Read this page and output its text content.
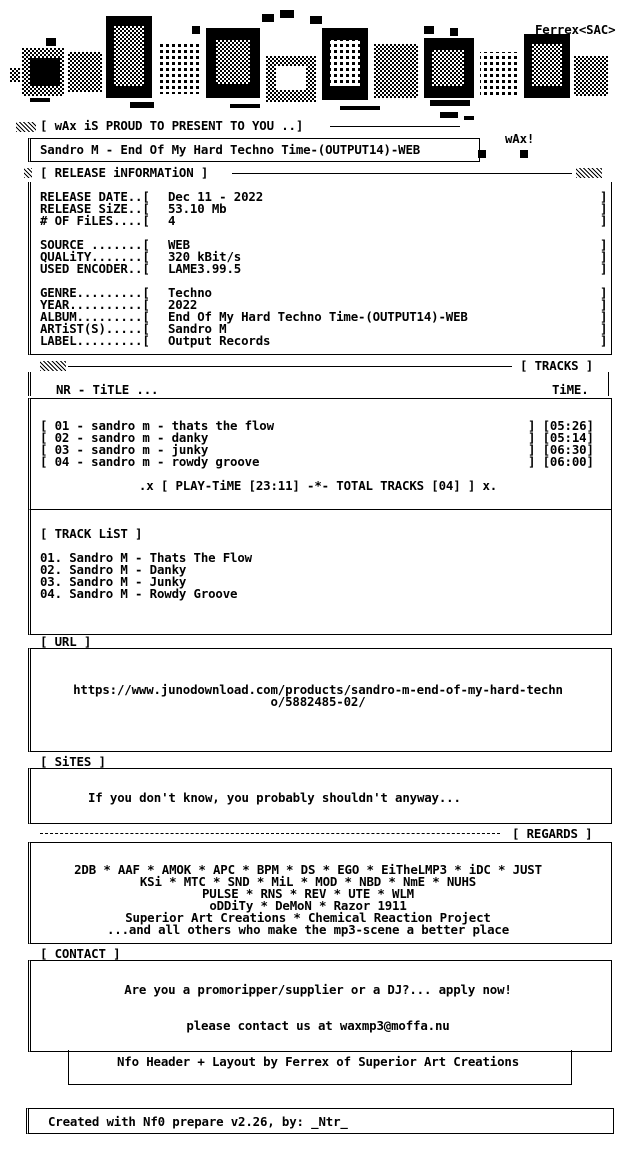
Ferrex<SAC>
[ wAx iS PROUD TO PRESENT TO YOU ..]
wAx!
Sandro M - End Of My Hard Techno Time-(OUTPUT14)-WEB
[ RELEASE iNFORMATiON ]
RELEASE DATE..[ Dec 11 - 2022
RELEASE SiZE..[ 53.10 Mb
# OF FiLES....[ 4
SOURCE .......[ WEB
QUALiTY.......[ 320 kBit/s
USED ENCODER..[ LAME3.99.5
GENRE.........[ Techno
YEAR..........[ 2022
ALBUM.........[ End Of My Hard Techno Time-(OUTPUT14)-WEB
ARTiST(S).....[ Sandro M
LABEL.........[ Output Records
]
]
]
]
]
]
]
]
]
]
]
[ TRACKS ]
NR - TiTLE ...	TiME.
[ 01 - sandro m - thats the flow	] [05:26]
[ 02 - sandro m - danky	] [05:14]
[ 03 - sandro m - junky	] [06:30]
[ 04 - sandro m - rowdy groove	] [06:00]
.x [ PLAY-TiME [23:11] -*- TOTAL TRACKS [04] ] x.
[ TRACK LiST ]
01. Sandro M - Thats The Flow
02. Sandro M - Danky
03. Sandro M - Junky
04. Sandro M - Rowdy Groove
[ URL ]
https://www.junodownload.com/products/sandro-m-end-of-my-hard-techn
o/5882485-02/
[ SiTES ]
If you don't know, you probably shouldn't anyway...
[ REGARDS ]
2DB * AAF * AMOK * APC * BPM * DS * EGO * EiTheLMP3 * iDC * JUST
KSi * MTC * SND * MiL * MOD * NBD * NmE * NUHS
PULSE * RNS * REV * UTE * WLM
oDDiTy * DeMoN * Razor 1911
Superior Art Creations * Chemical Reaction Project
...and all others who make the mp3-scene a better place
[ CONTACT ]
Are you a promoripper/supplier or a DJ?... apply now!
please contact us at waxmp3@moffa.nu
Nfo Header + Layout by Ferrex of Superior Art Creations
Created with Nf0 prepare v2.26, by: _Ntr_
